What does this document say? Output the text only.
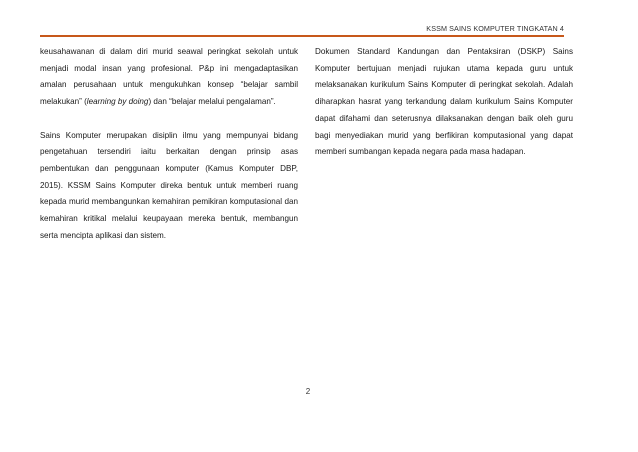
KSSM SAINS KOMPUTER TINGKATAN 4

keusahawanan di dalam diri murid seawal peringkat sekolah untuk menjadi modal insan yang profesional. P&p ini mengadaptasikan amalan perusahaan untuk mengukuhkan konsep “belajar sambil melakukan” (learning by doing) dan “belajar melalui pengalaman”.

Sains Komputer merupakan disiplin ilmu yang mempunyai bidang pengetahuan tersendiri iaitu berkaitan dengan prinsip asas pembentukan dan penggunaan komputer (Kamus Komputer DBP, 2015). KSSM Sains Komputer direka bentuk untuk memberi ruang kepada murid membangunkan kemahiran pemikiran komputasional dan kemahiran kritikal melalui keupayaan mereka bentuk, membangun serta mencipta aplikasi dan sistem.

Dokumen Standard Kandungan dan Pentaksiran (DSKP) Sains Komputer bertujuan menjadi rujukan utama kepada guru untuk melaksanakan kurikulum Sains Komputer di peringkat sekolah. Adalah diharapkan hasrat yang terkandung dalam kurikulum Sains Komputer dapat difahami dan seterusnya dilaksanakan dengan baik oleh guru bagi menyediakan murid yang berfikiran komputasional yang dapat memberi sumbangan kepada negara pada masa hadapan.

2
